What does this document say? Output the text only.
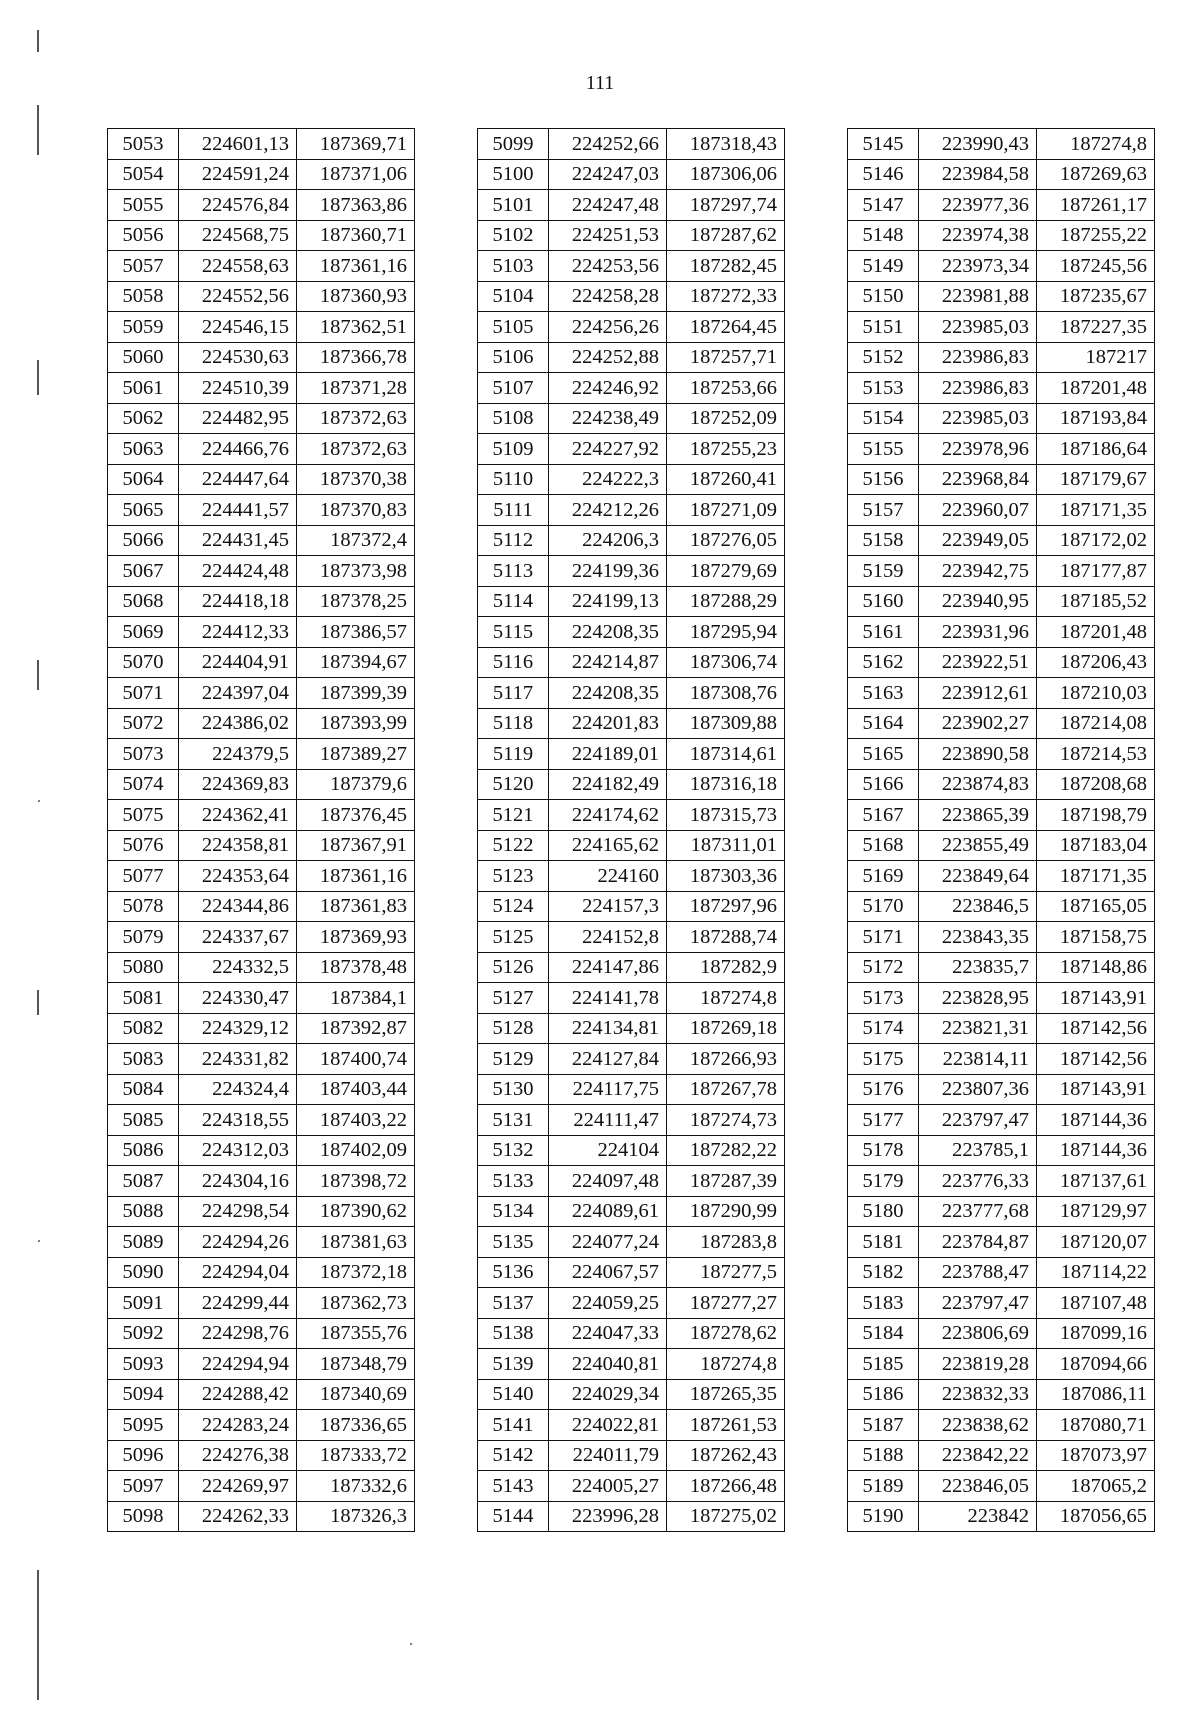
111
5053	224601,13	187369,71
5054	224591,24	187371,06
5055	224576,84	187363,86
5056	224568,75	187360,71
5057	224558,63	187361,16
5058	224552,56	187360,93
5059	224546,15	187362,51
5060	224530,63	187366,78
5061	224510,39	187371,28
5062	224482,95	187372,63
5063	224466,76	187372,63
5064	224447,64	187370,38
5065	224441,57	187370,83
5066	224431,45	187372,4
5067	224424,48	187373,98
5068	224418,18	187378,25
5069	224412,33	187386,57
5070	224404,91	187394,67
5071	224397,04	187399,39
5072	224386,02	187393,99
5073	224379,5	187389,27
5074	224369,83	187379,6
5075	224362,41	187376,45
5076	224358,81	187367,91
5077	224353,64	187361,16
5078	224344,86	187361,83
5079	224337,67	187369,93
5080	224332,5	187378,48
5081	224330,47	187384,1
5082	224329,12	187392,87
5083	224331,82	187400,74
5084	224324,4	187403,44
5085	224318,55	187403,22
5086	224312,03	187402,09
5087	224304,16	187398,72
5088	224298,54	187390,62
5089	224294,26	187381,63
5090	224294,04	187372,18
5091	224299,44	187362,73
5092	224298,76	187355,76
5093	224294,94	187348,79
5094	224288,42	187340,69
5095	224283,24	187336,65
5096	224276,38	187333,72
5097	224269,97	187332,6
5098	224262,33	187326,3
5099	224252,66	187318,43
5100	224247,03	187306,06
5101	224247,48	187297,74
5102	224251,53	187287,62
5103	224253,56	187282,45
5104	224258,28	187272,33
5105	224256,26	187264,45
5106	224252,88	187257,71
5107	224246,92	187253,66
5108	224238,49	187252,09
5109	224227,92	187255,23
5110	224222,3	187260,41
5111	224212,26	187271,09
5112	224206,3	187276,05
5113	224199,36	187279,69
5114	224199,13	187288,29
5115	224208,35	187295,94
5116	224214,87	187306,74
5117	224208,35	187308,76
5118	224201,83	187309,88
5119	224189,01	187314,61
5120	224182,49	187316,18
5121	224174,62	187315,73
5122	224165,62	187311,01
5123	224160	187303,36
5124	224157,3	187297,96
5125	224152,8	187288,74
5126	224147,86	187282,9
5127	224141,78	187274,8
5128	224134,81	187269,18
5129	224127,84	187266,93
5130	224117,75	187267,78
5131	224111,47	187274,73
5132	224104	187282,22
5133	224097,48	187287,39
5134	224089,61	187290,99
5135	224077,24	187283,8
5136	224067,57	187277,5
5137	224059,25	187277,27
5138	224047,33	187278,62
5139	224040,81	187274,8
5140	224029,34	187265,35
5141	224022,81	187261,53
5142	224011,79	187262,43
5143	224005,27	187266,48
5144	223996,28	187275,02
5145	223990,43	187274,8
5146	223984,58	187269,63
5147	223977,36	187261,17
5148	223974,38	187255,22
5149	223973,34	187245,56
5150	223981,88	187235,67
5151	223985,03	187227,35
5152	223986,83	187217
5153	223986,83	187201,48
5154	223985,03	187193,84
5155	223978,96	187186,64
5156	223968,84	187179,67
5157	223960,07	187171,35
5158	223949,05	187172,02
5159	223942,75	187177,87
5160	223940,95	187185,52
5161	223931,96	187201,48
5162	223922,51	187206,43
5163	223912,61	187210,03
5164	223902,27	187214,08
5165	223890,58	187214,53
5166	223874,83	187208,68
5167	223865,39	187198,79
5168	223855,49	187183,04
5169	223849,64	187171,35
5170	223846,5	187165,05
5171	223843,35	187158,75
5172	223835,7	187148,86
5173	223828,95	187143,91
5174	223821,31	187142,56
5175	223814,11	187142,56
5176	223807,36	187143,91
5177	223797,47	187144,36
5178	223785,1	187144,36
5179	223776,33	187137,61
5180	223777,68	187129,97
5181	223784,87	187120,07
5182	223788,47	187114,22
5183	223797,47	187107,48
5184	223806,69	187099,16
5185	223819,28	187094,66
5186	223832,33	187086,11
5187	223838,62	187080,71
5188	223842,22	187073,97
5189	223846,05	187065,2
5190	223842	187056,65
